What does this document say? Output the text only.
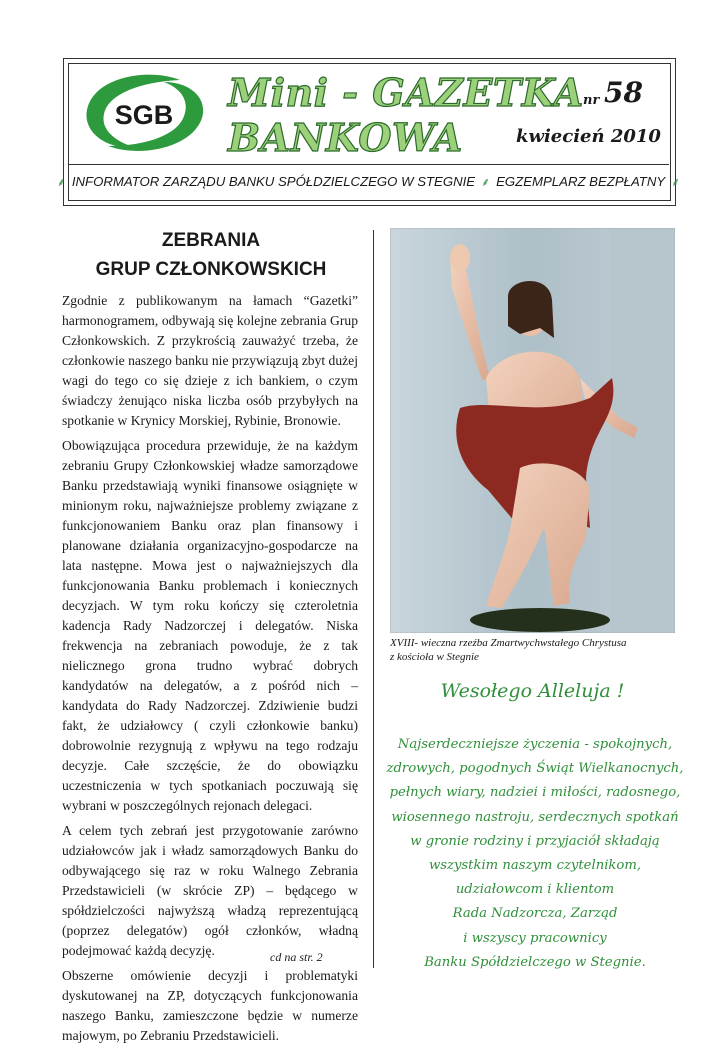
SGB Mini - GAZETKA
BANKOWA
nr 58
kwiecień 2010
⸙ INFORMATOR ZARZĄDU BANKU SPÓŁDZIELCZEGO W STEGNIE ⸙ EGZEMPLARZ BEZPŁATNY ⸙
ZEBRANIA
GRUP CZŁONKOWSKICH

Zgodnie z publikowanym na łamach “Gazetki” harmonogramem, odbywają się kolejne zebrania Grup Członkowskich. Z przykrością zauważyć trzeba, że członkowie naszego banku nie przywiązują zbyt dużej wagi do tego co się dzieje z ich bankiem, o czym świadczy żenująco niska liczba osób przybyłych na spotkanie w Krynicy Morskiej, Rybinie, Bronowie.

Obowiązująca procedura przewiduje, że na każdym zebraniu Grupy Członkowskiej władze samorządowe Banku przedstawiają wyniki finansowe osiągnięte w minionym roku, najważniejsze problemy związane z funkcjonowaniem Banku oraz plan finansowy i planowane działania organizacyjno-gospodarcze na lata następne. Mowa jest o najważniejszych dla funkcjonowania Banku problemach i koniecznych decyzjach. W tym roku kończy się czteroletnia kadencja Rady Nadzorczej i delegatów. Niska frekwencja na zebraniach powoduje, że z tak nielicznego grona trudno wybrać dobrych kandydatów na delegatów, a z pośród nich – kandydata do Rady Nadzorczej. Zdziwienie budzi fakt, że udziałowcy ( czyli członkowie banku) dobrowolnie rezygnują z wpływu na tego rodzaju decyzje. Całe szczęście, że do obowiązku uczestniczenia w tych spotkaniach poczuwają się wybrani w poszczególnych rejonach delegaci.

A celem tych zebrań jest przygotowanie zarówno udziałowców jak i władz samorządowych Banku do odbywającego się raz w roku Walnego Zebrania Przedstawicieli (w skrócie ZP) – będącego w spółdzielczości najwyższą władzą reprezentującą (poprzez delegatów) ogół członków, władną podejmować każdą decyzję.

Obszerne omówienie decyzji i problematyki dyskutowanej na ZP, dotyczących funkcjonowania naszego Banku, zamieszczone będzie w numerze majowym, po Zebraniu Przedstawicieli.

cd na str. 2
XVIII- wieczna rzeźba Zmartwychwstałego Chrystusa
z kościoła w Stegnie
Wesołego Alleluja !
Najserdeczniejsze życzenia - spokojnych,
zdrowych, pogodnych Świąt Wielkanocnych,
pełnych wiary, nadziei i miłości, radosnego,
wiosennego nastroju, serdecznych spotkań
w gronie rodziny i przyjaciół składają
wszystkim naszym czytelnikom,
udziałowcom i klientom
Rada Nadzorcza, Zarząd
i wszyscy pracownicy
Banku Spółdzielczego w Stegnie.
